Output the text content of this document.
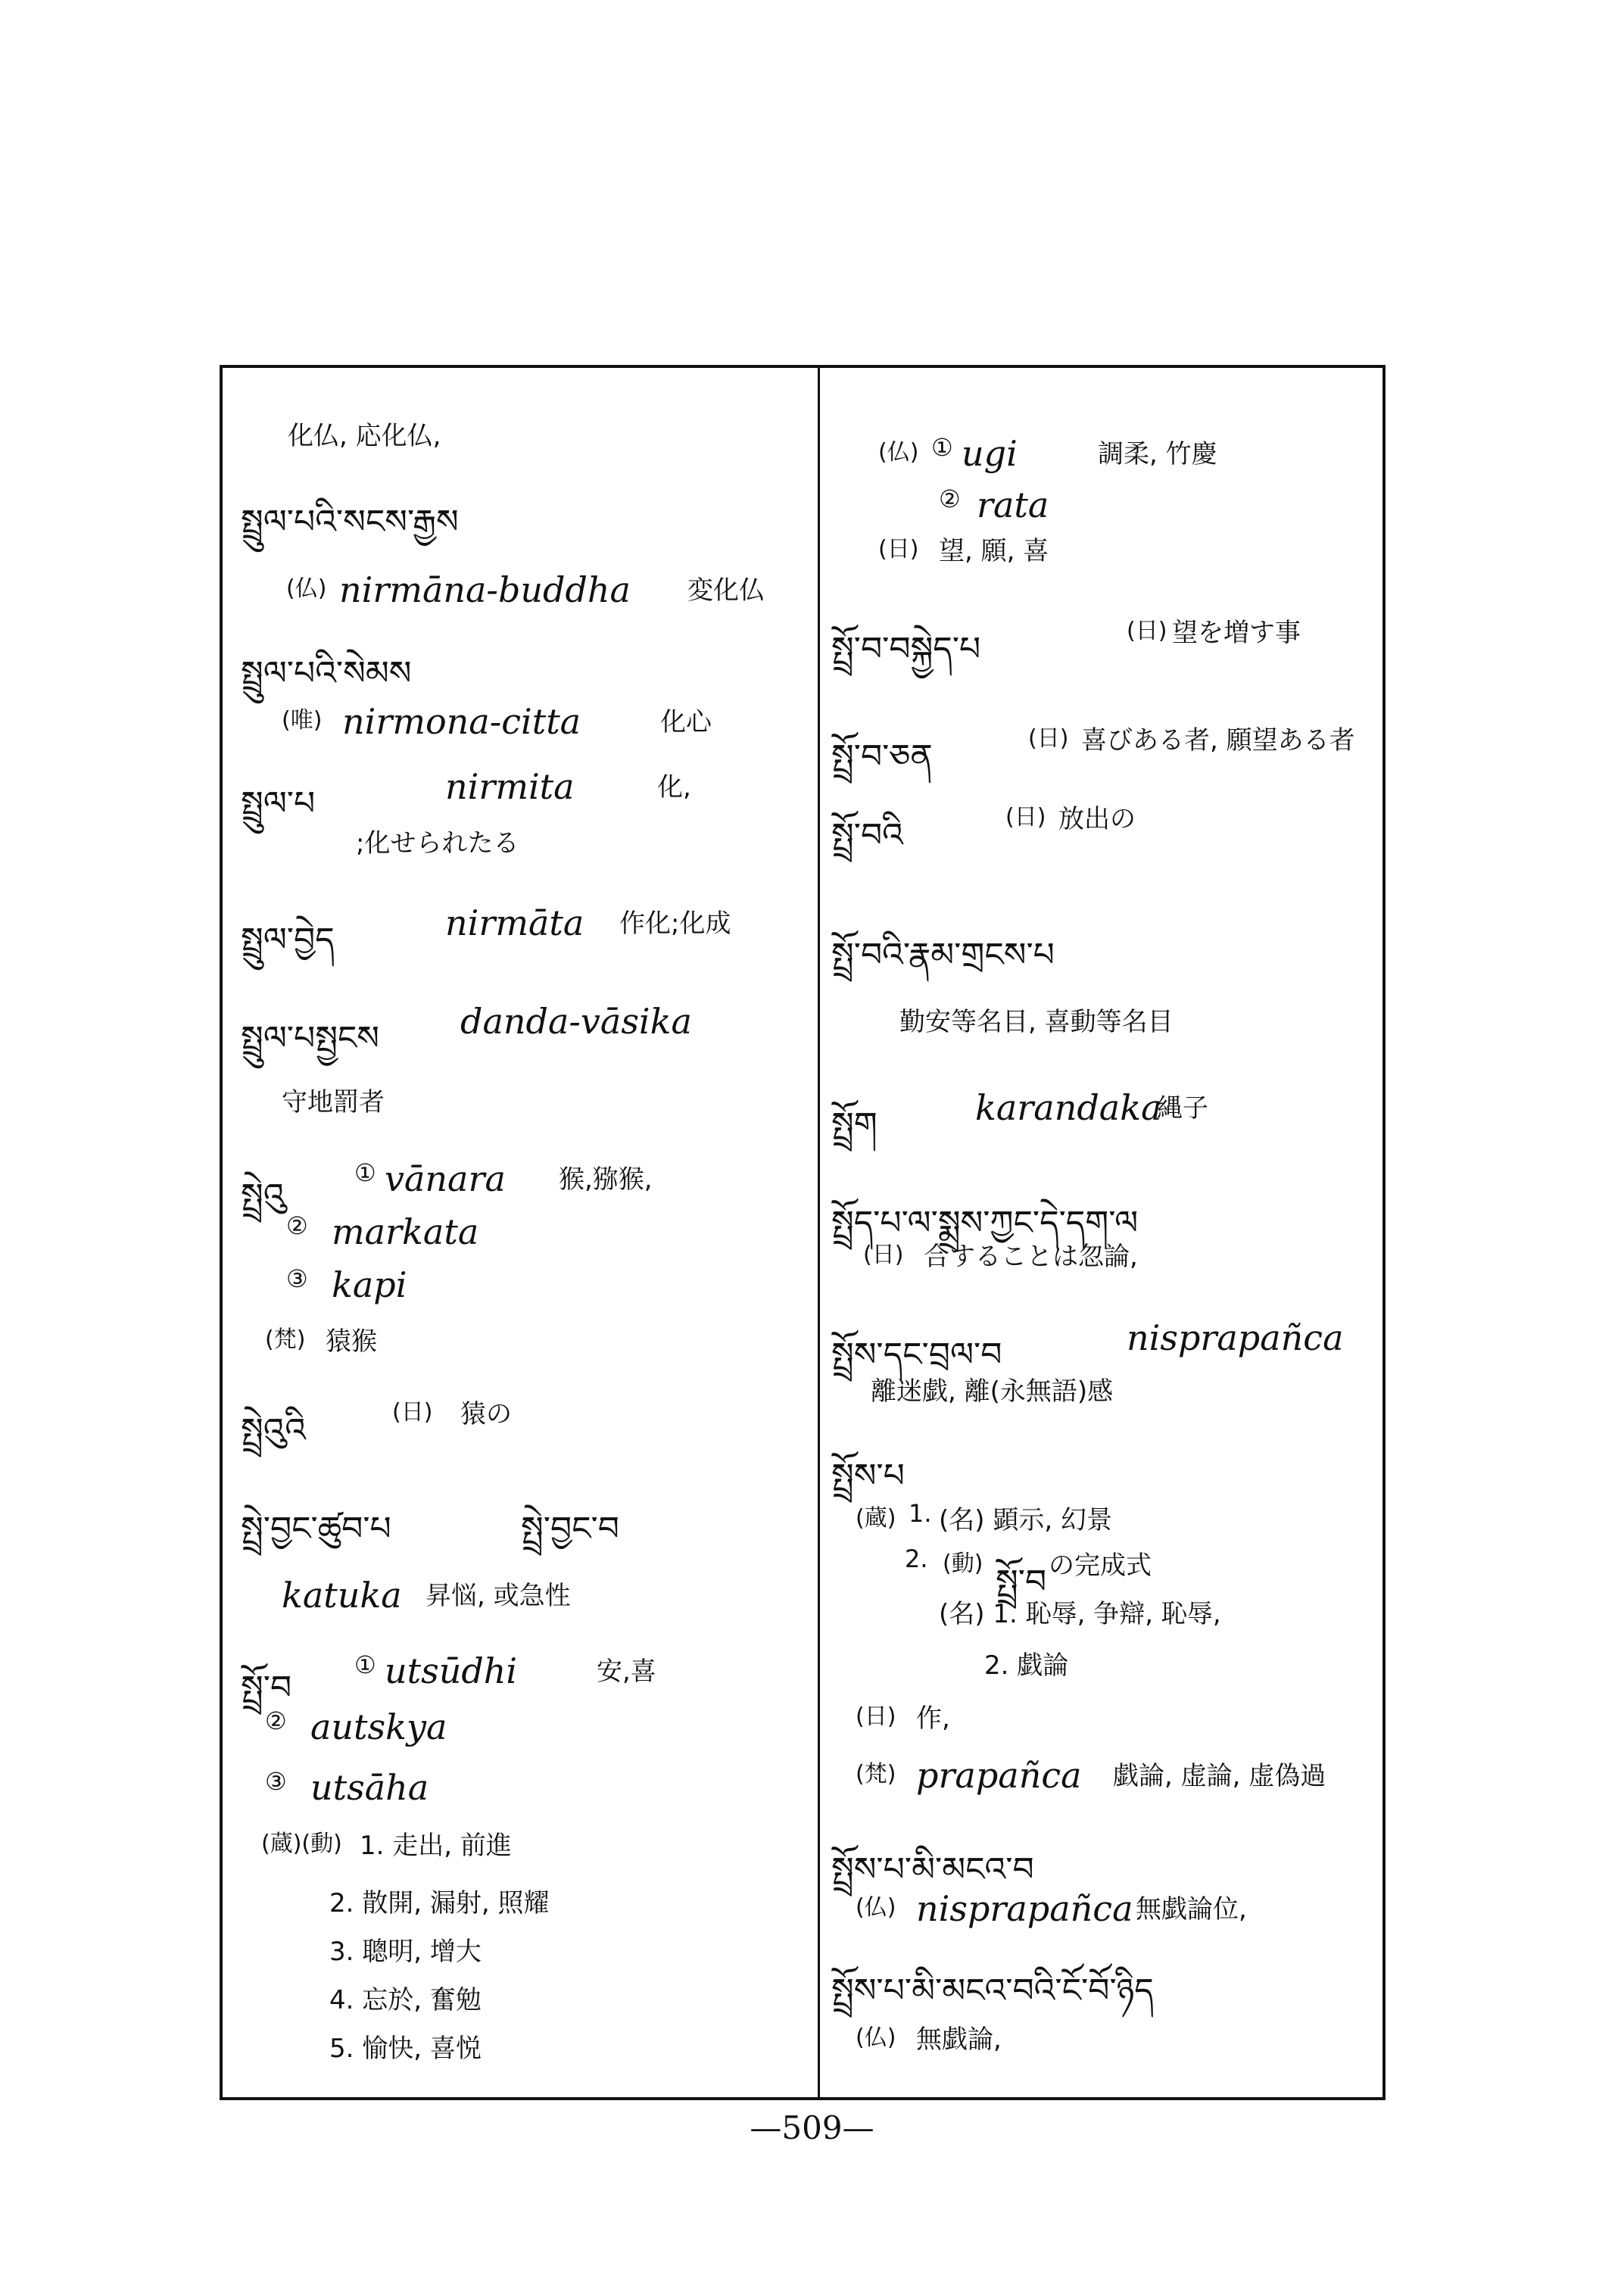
化仏, 応化仏,
སྤྲུལ་པའི་སངས་རྒྱས
(仏) nirmāna-buddha 変化仏
སྤྲུལ་པའི་སེམས
(唯) nirmona-citta	化心
སྤྲུལ་པ	nirmita	化,
;化せられたる
སྤྲུལ་བྱེད	nirmāta 作化;化成
སྤྲུལ་པསྤྱངས danda-vāsika
守地罰者
སྤྲེའུ
① vānara 猴,猕猴,
② markata
③ kapi
(梵) 猿猴
སྤྲེའུའི	(日) 猿の
སྤྲེ་བྱང་ཚུབ་པ	སྤྲེ་བྱང་བ
katuka 昇悩, 或急性
སྤྲོ་བ
① utsūdhi	安,喜
② autskya
③ utsāha
(蔵)(動) 1. 走出, 前進
2. 散開, 漏射, 照耀
3. 聰明, 增大
4. 忘於, 奮勉
5. 愉快, 喜悦
(仏) ① ugi	調柔, 竹慶
② rata
(日) 望, 願, 喜
སྤྲོ་བ་བསྐྱེད་པ	(日) 望を増す事
སྤྲོ་བ་ཅན	(日) 喜びある者, 願望ある者
སྤྲོ་བའི	(日) 放出の
སྤྲོ་བའི་རྣམ་གྲངས་པ
勤安等名目, 喜動等名目
སྤྲོག	karandaka
縄子
སྤྲོད་པ་ལ་སྨྲས་ཀྱང་དེ་དག་ལ
(日) 合することは忽論,
སྤྲོས་དང་བྲལ་བ	nisprapañca
離迷戯, 離(永無語)感
སྤྲོས་པ
(蔵) 1. (名) 顕示, 幻景
2. (動) སྤྲོ་བ の完成式
(名) 1. 恥辱, 争辯, 恥辱,
2. 戯論
(日) 作,
(梵) prapañca 戯論, 虚論, 虚偽過
སྤྲོས་པ་མི་མངའ་བ
(仏) nisprapañca 無戯論位,
སྤྲོས་པ་མི་མངའ་བའི་ངོ་བོ་ཉིད
(仏) 無戯論,
—509—
